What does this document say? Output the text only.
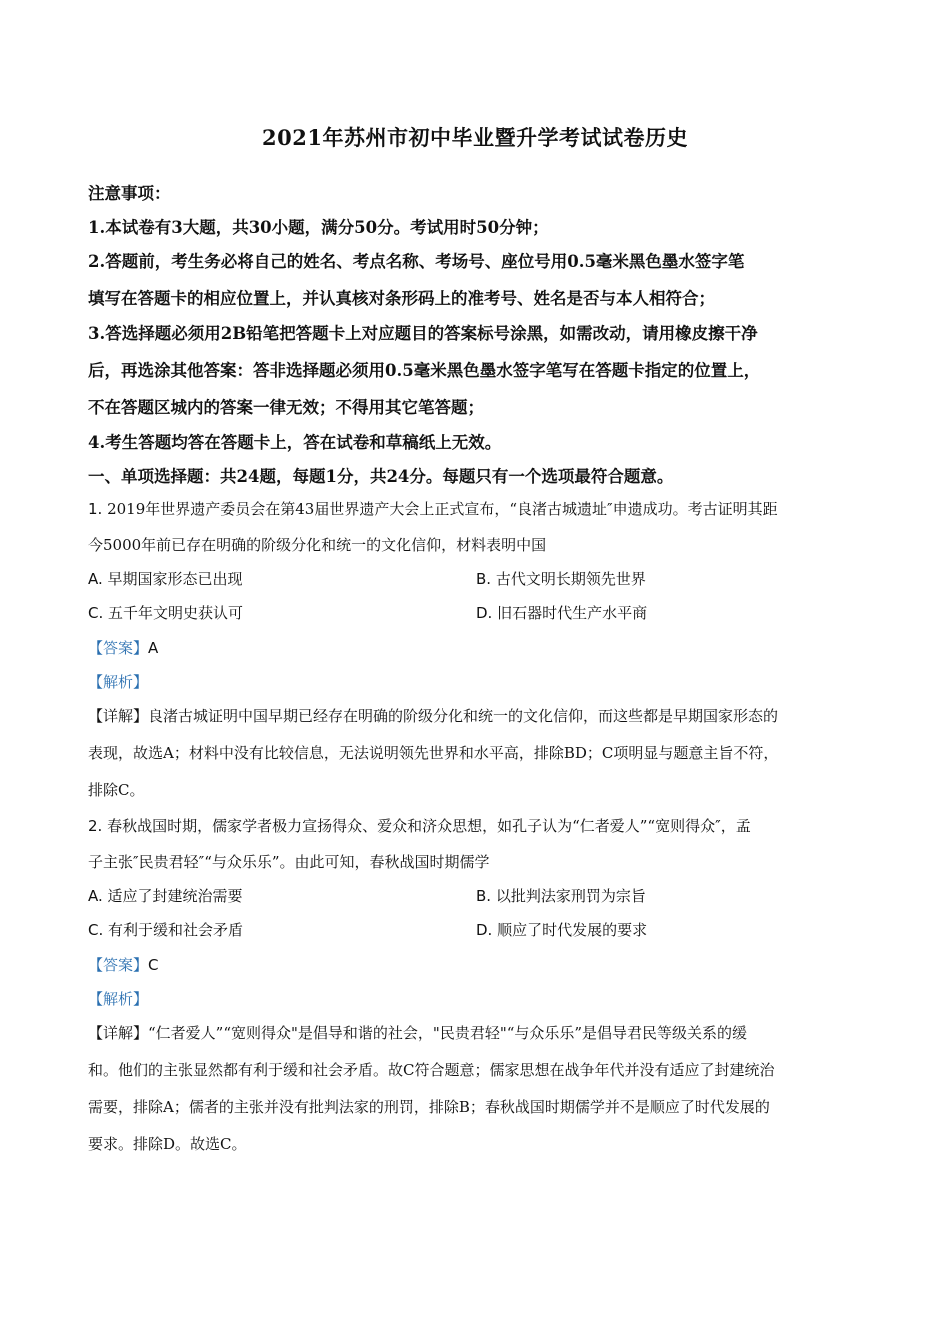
2021年苏州市初中毕业暨升学考试试卷历史
注意事项：
1.本试卷有3大题，共30小题，满分50分。考试用时50分钟；
2.答题前，考生务必将自己的姓名、考点名称、考场号、座位号用0.5毫米黑色墨水签字笔
填写在答题卡的相应位置上，并认真核对条形码上的准考号、姓名是否与本人相符合；
3.答选择题必须用2B铅笔把答题卡上对应题目的答案标号涂黑，如需改动，请用橡皮擦干净
后，再选涂其他答案：答非选择题必须用0.5毫米黑色墨水签字笔写在答题卡指定的位置上，
不在答题区城内的答案一律无效；不得用其它笔答题；
4.考生答题均答在答题卡上，答在试卷和草稿纸上无效。
一、单项选择题：共24题，每题1分，共24分。每题只有一个选项最符合题意。
1. 2019年世界遗产委员会在第43届世界遗产大会上正式宣布，“良渚古城遗址″申遗成功。考古证明其距
今5000年前已存在明确的阶级分化和统一的文化信仰，材料表明中国
A. 早期国家形态已出现	B. 古代文明长期领先世界
C. 五千年文明史获认可	D. 旧石器时代生产水平商
【答案】A
【解析】
【详解】良渚古城证明中国早期已经存在明确的阶级分化和统一的文化信仰，而这些都是早期国家形态的
表现，故选A；材料中没有比较信息，无法说明领先世界和水平高，排除BD；C项明显与题意主旨不符，
排除C。
2. 春秋战国时期，儒家学者极力宣扬得众、爱众和济众思想，如孔子认为“仁者爱人”“宽则得众″，孟
子主张″民贵君轻″“与众乐乐”。由此可知，春秋战国时期儒学
A. 适应了封建统治需要	B. 以批判法家刑罚为宗旨
C. 有利于缓和社会矛盾	D. 顺应了时代发展的要求
【答案】C
【解析】
【详解】“仁者爱人”“宽则得众"是倡导和谐的社会，"民贵君轻"“与众乐乐”是倡导君民等级关系的缓
和。他们的主张显然都有利于缓和社会矛盾。故C符合题意；儒家思想在战争年代并没有适应了封建统治
需要，排除A；儒者的主张并没有批判法家的刑罚，排除B；春秋战国时期儒学并不是顺应了时代发展的
要求。排除D。故选C。
